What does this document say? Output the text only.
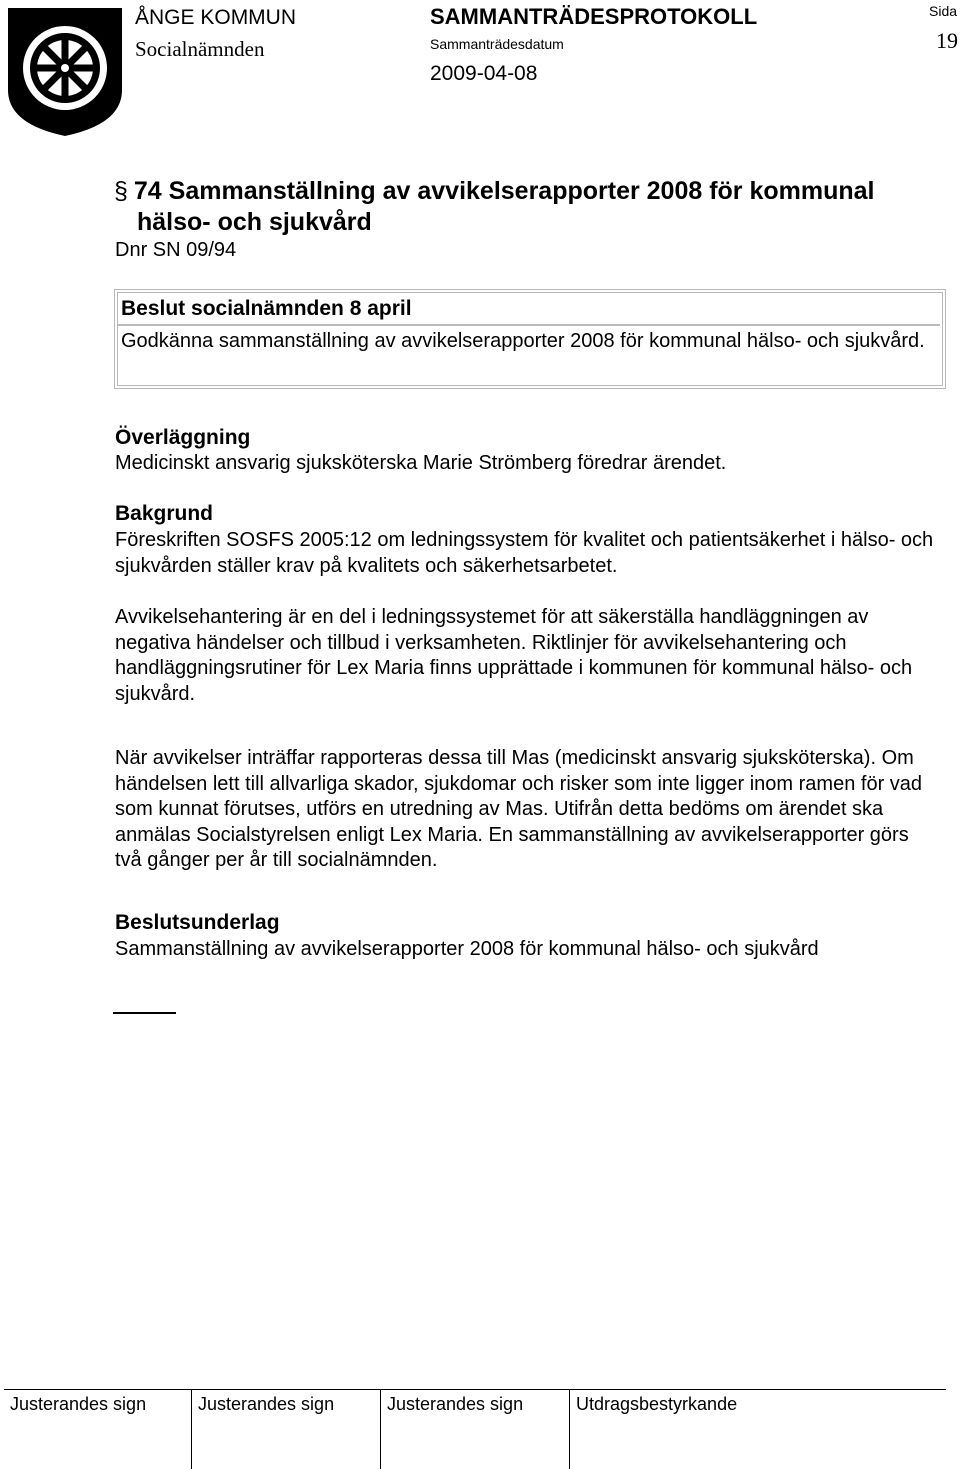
ÅNGE KOMMUN
Socialnämnden
SAMMANTRÄDESPROTOKOLL
Sammanträdesdatum
2009-04-08
Sida
19
§ 74 Sammanställning av avvikelserapporter 2008 för kommunal
hälso- och sjukvård
Dnr SN 09/94
Beslut socialnämnden 8 april
Godkänna sammanställning av avvikelserapporter 2008 för kommunal hälso- och sjukvård.
Överläggning
Medicinskt ansvarig sjuksköterska Marie Strömberg föredrar ärendet.
Bakgrund
Föreskriften SOSFS 2005:12 om ledningssystem för kvalitet och patientsäkerhet i hälso- och sjukvården ställer krav på kvalitets och säkerhetsarbetet.
Avvikelsehantering är en del i ledningssystemet för att säkerställa handläggningen av negativa händelser och tillbud i verksamheten. Riktlinjer för avvikelsehantering och handläggningsrutiner för Lex Maria finns upprättade i kommunen för kommunal hälso- och sjukvård.
När avvikelser inträffar rapporteras dessa till Mas (medicinskt ansvarig sjuksköterska). Om händelsen lett till allvarliga skador, sjukdomar och risker som inte ligger inom ramen för vad som kunnat förutses, utförs en utredning av Mas. Utifrån detta bedöms om ärendet ska anmälas Socialstyrelsen enligt Lex Maria. En sammanställning av avvikelserapporter görs två gånger per år till socialnämnden.
Beslutsunderlag
Sammanställning av avvikelserapporter 2008 för kommunal hälso- och sjukvård
Justerandes sign	Justerandes sign	Justerandes sign	Utdragsbestyrkande
